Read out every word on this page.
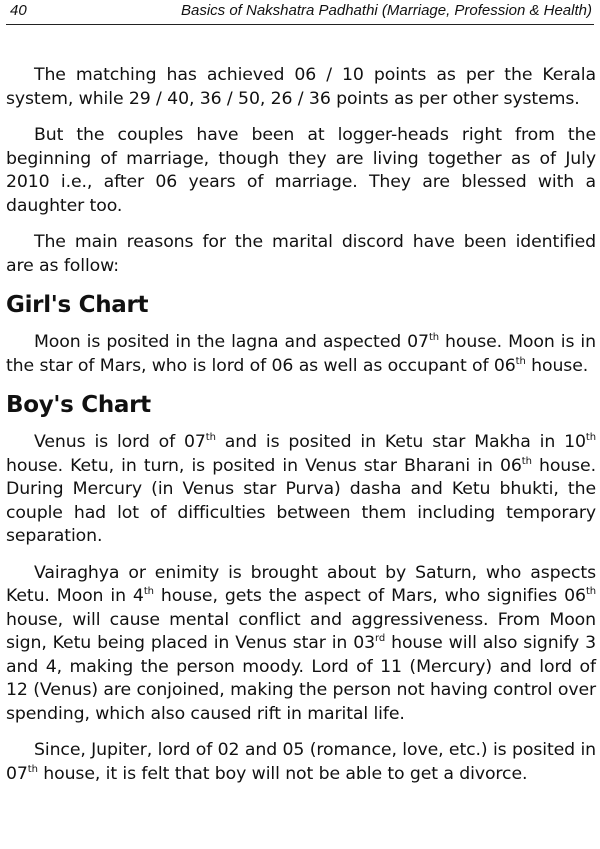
40	Basics of Nakshatra Padhathi (Marriage, Profession & Health)

The matching has achieved 06 / 10 points as per the Kerala system, while 29 / 40, 36 / 50, 26 / 36 points as per other systems.

But the couples have been at logger-heads right from the beginning of marriage, though they are living together as of July 2010 i.e., after 06 years of marriage. They are blessed with a daughter too.

The main reasons for the marital discord have been identified are as follow:

Girl's Chart

Moon is posited in the lagna and aspected 07th house. Moon is in the star of Mars, who is lord of 06 as well as occupant of 06th house.

Boy's Chart

Venus is lord of 07th and is posited in Ketu star Makha in 10th house. Ketu, in turn, is posited in Venus star Bharani in 06th house. During Mercury (in Venus star Purva) dasha and Ketu bhukti, the couple had lot of difficulties between them including temporary separation.

Vairaghya or enimity is brought about by Saturn, who aspects Ketu. Moon in 4th house, gets the aspect of Mars, who signifies 06th house, will cause mental conflict and aggressiveness. From Moon sign, Ketu being placed in Venus star in 03rd house will also signify 3 and 4, making the person moody. Lord of 11 (Mercury) and lord of 12 (Venus) are conjoined, making the person not having control over spending, which also caused rift in marital life.

Since, Jupiter, lord of 02 and 05 (romance, love, etc.) is posited in 07th house, it is felt that boy will not be able to get a divorce.
